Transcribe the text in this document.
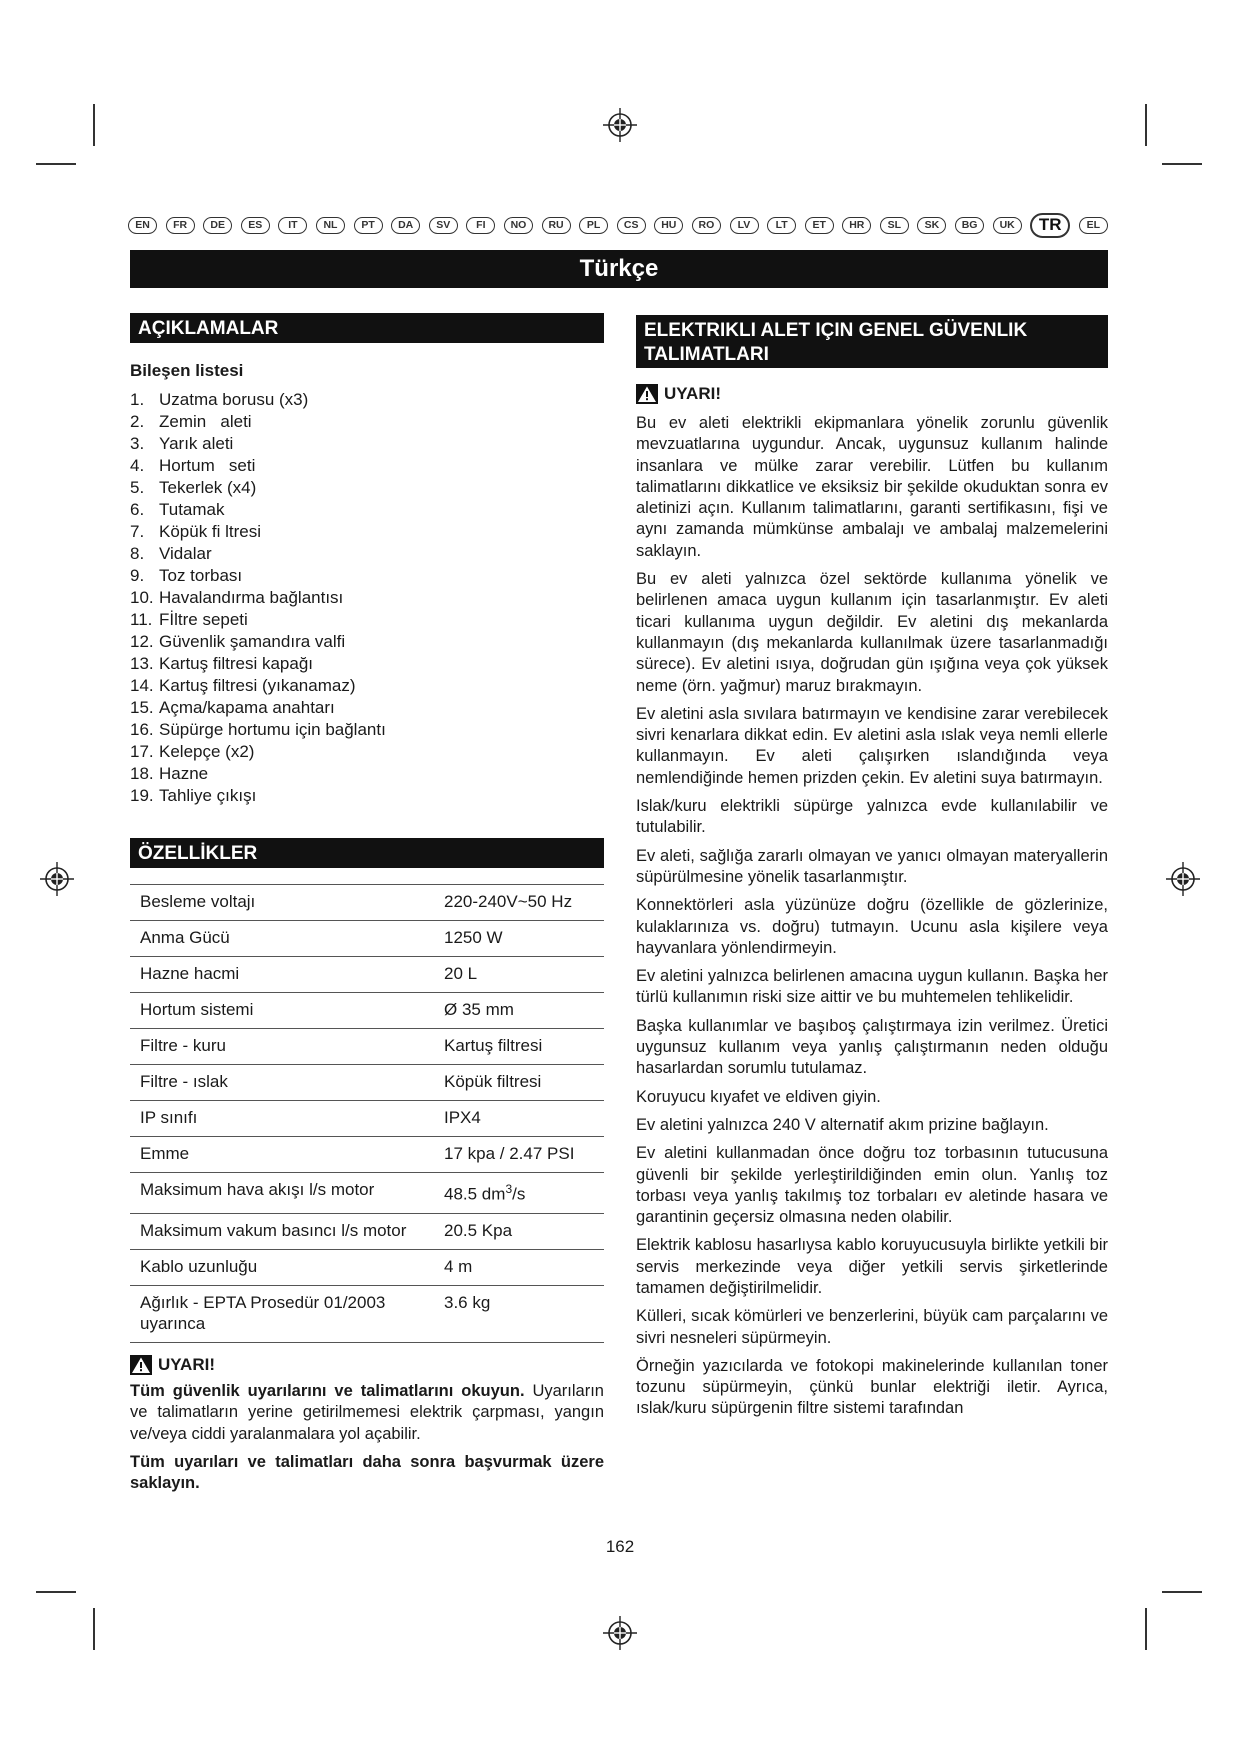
EN	FR	DE	ES	IT	NL	PT	DA	SV	FI	NO	RU	PL	CS	HU	RO	LV	LT	ET	HR	SL	SK	BG	UK	TR	EL
Türkçe
AÇIKLAMALAR
Bileşen listesi
1. Uzatma borusu (x3)
2. Zemin   aleti
3. Yarık aleti
4. Hortum   seti
5. Tekerlek (x4)
6. Tutamak
7. Köpük fi ltresi
8. Vidalar
9. Toz torbası
10. Havalandırma bağlantısı
11. Fİltre sepeti
12. Güvenlik şamandıra valfi
13. Kartuş filtresi kapağı
14. Kartuş filtresi (yıkanamaz)
15. Açma/kapama anahtarı
16. Süpürge hortumu için bağlantı
17. Kelepçe (x2)
18. Hazne
19. Tahliye çıkışı
ÖZELLİKLER
Besleme voltajı	220-240V~50 Hz
Anma Gücü	1250 W
Hazne hacmi	20 L
Hortum sistemi	Ø 35 mm
Filtre - kuru	Kartuş filtresi
Filtre - ıslak	Köpük filtresi
IP sınıfı	IPX4
Emme	17 kpa / 2.47 PSI
Maksimum hava akışı l/s motor	48.5 $dm^3/s$
Maksimum vakum basıncı l/s motor	20.5 Kpa
Kablo uzunluğu	4 m
Ağırlık - EPTA Prosedür 01/2003 uyarınca	3.6 kg
UYARI!

Tüm güvenlik uyarılarını ve talimatlarını okuyun. Uyarıların ve talimatların yerine getirilmemesi elektrik çarpması, yangın ve/veya ciddi yaralanmalara yol açabilir.

Tüm uyarıları ve talimatları daha sonra başvurmak üzere saklayın.

ELEKTRIKLI ALET IÇIN GENEL GÜVENLIK TALIMATLARI
UYARI!

Bu ev aleti elektrikli ekipmanlara yönelik zorunlu güvenlik mevzuatlarına uygundur. Ancak, uygunsuz kullanım halinde insanlara ve mülke zarar verebilir. Lütfen bu kullanım talimatlarını dikkatlice ve eksiksiz bir şekilde okuduktan sonra ev aletinizi açın. Kullanım talimatlarını, garanti sertifikasını, fişi ve aynı zamanda mümkünse ambalajı ve ambalaj malzemelerini saklayın.

Bu ev aleti yalnızca özel sektörde kullanıma yönelik ve belirlenen amaca uygun kullanım için tasarlanmıştır. Ev aleti ticari kullanıma uygun değildir. Ev aletini dış mekanlarda kullanmayın (dış mekanlarda kullanılmak üzere tasarlanmadığı sürece). Ev aletini ısıya, doğrudan gün ışığına veya çok yüksek neme (örn. yağmur) maruz bırakmayın.

Ev aletini asla sıvılara batırmayın ve kendisine zarar verebilecek sivri kenarlara dikkat edin. Ev aletini asla ıslak veya nemli ellerle kullanmayın. Ev aleti çalışırken ıslandığında veya nemlendiğinde hemen prizden çekin. Ev aletini suya batırmayın.

Islak/kuru elektrikli süpürge yalnızca evde kullanılabilir ve tutulabilir.

Ev aleti, sağlığa zararlı olmayan ve yanıcı olmayan materyallerin süpürülmesine yönelik tasarlanmıştır.

Konnektörleri asla yüzünüze doğru (özellikle de gözlerinize, kulaklarınıza vs. doğru) tutmayın. Ucunu asla kişilere veya hayvanlara yönlendirmeyin.

Ev aletini yalnızca belirlenen amacına uygun kullanın. Başka her türlü kullanımın riski size aittir ve bu muhtemelen tehlikelidir.

Başka kullanımlar ve başıboş çalıştırmaya izin verilmez. Üretici uygunsuz kullanım veya yanlış çalıştırmanın neden olduğu hasarlardan sorumlu tutulamaz.

Koruyucu kıyafet ve eldiven giyin.

Ev aletini yalnızca 240 V alternatif akım prizine bağlayın.

Ev aletini kullanmadan önce doğru toz torbasının tutucusuna güvenli bir şekilde yerleştirildiğinden emin olun. Yanlış toz torbası veya yanlış takılmış toz torbaları ev aletinde hasara ve garantinin geçersiz olmasına neden olabilir.

Elektrik kablosu hasarlıysa kablo koruyucusuyla birlikte yetkili bir servis merkezinde veya diğer yetkili servis şirketlerinde tamamen değiştirilmelidir.

Külleri, sıcak kömürleri ve benzerlerini, büyük cam parçalarını ve sivri nesneleri süpürmeyin.

Örneğin yazıcılarda ve fotokopi makinelerinde kullanılan toner tozunu süpürmeyin, çünkü bunlar elektriği iletir. Ayrıca, ıslak/kuru süpürgenin filtre sistemi tarafından

162
